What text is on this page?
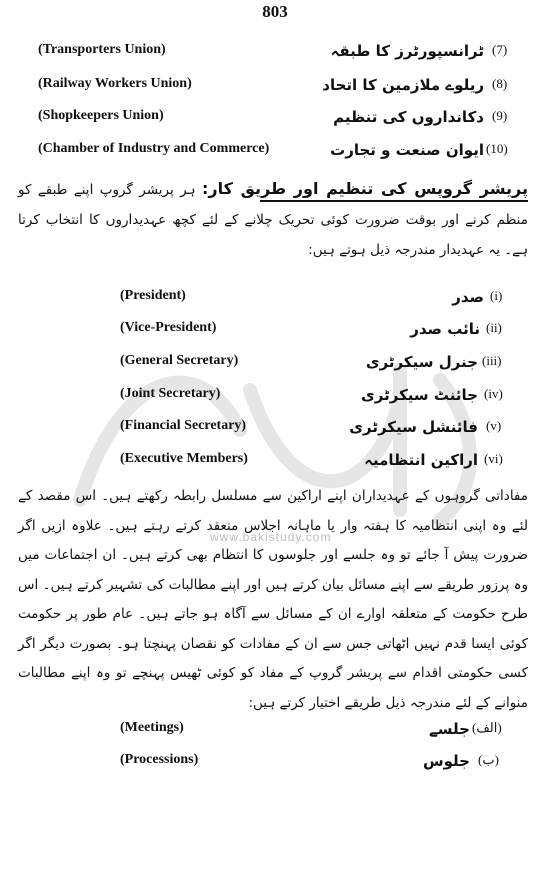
803
www.bakistudy.com
(Transporters Union)	ٹرانسپورٹرز کا طبقہ (7)
(Railway Workers Union)	ریلوے ملازمین کا اتحاد (8)
(Shopkeepers Union)	دکانداروں کی تنظیم (9)
(Chamber of Industry and Commerce)	ایوان صنعت و تجارت (10)
پریشر گروپس کی تنظیم اور طریق کار: ہر پریشر گروپ اپنے طبقے کو منظم کرنے اور بوقت ضرورت کوئی تحریک چلانے کے لئے کچھ عہدیداروں کا انتخاب کرتا ہے۔ یہ عہدیدار مندرجہ ذیل ہوتے ہیں:
(President)	صدر (i)
(Vice-President)	نائب صدر (ii)
(General Secretary)	جنرل سیکرٹری (iii)
(Joint Secretary)	جائنٹ سیکرٹری (iv)
(Financial Secretary)	فائنشل سیکرٹری (v)
(Executive Members)	اراکین انتظامیہ (vi)
مفاداتی گروہوں کے عہدیداران اپنے اراکین سے مسلسل رابطہ رکھتے ہیں۔ اس مقصد کے لئے وہ اپنی انتظامیہ کا ہفتہ وار یا ماہانہ اجلاس منعقد کرتے رہتے ہیں۔ علاوہ ازیں اگر ضرورت پیش آ جائے تو وہ جلسے اور جلوسوں کا انتظام بھی کرتے ہیں۔ ان اجتماعات میں وہ پرزور طریقے سے اپنے مسائل بیان کرتے ہیں اور اپنے مطالبات کی تشہیر کرتے ہیں۔ اس طرح حکومت کے متعلقہ اوارے ان کے مسائل سے آگاہ ہو جاتے ہیں۔ عام طور پر حکومت کوئی ایسا قدم نہیں اٹھاتی جس سے ان کے مفادات کو نقصان پہنچتا ہو۔ بصورت دیگر اگر کسی حکومتی اقدام سے پریشر گروپ کے مفاد کو کوئی ٹھیس پہنچے تو وہ اپنے مطالبات منوانے کے لئے مندرجہ ذیل طریقے اختیار کرتے ہیں:
(Meetings)	جلسے (الف)
(Processions)	جلوس (ب)
